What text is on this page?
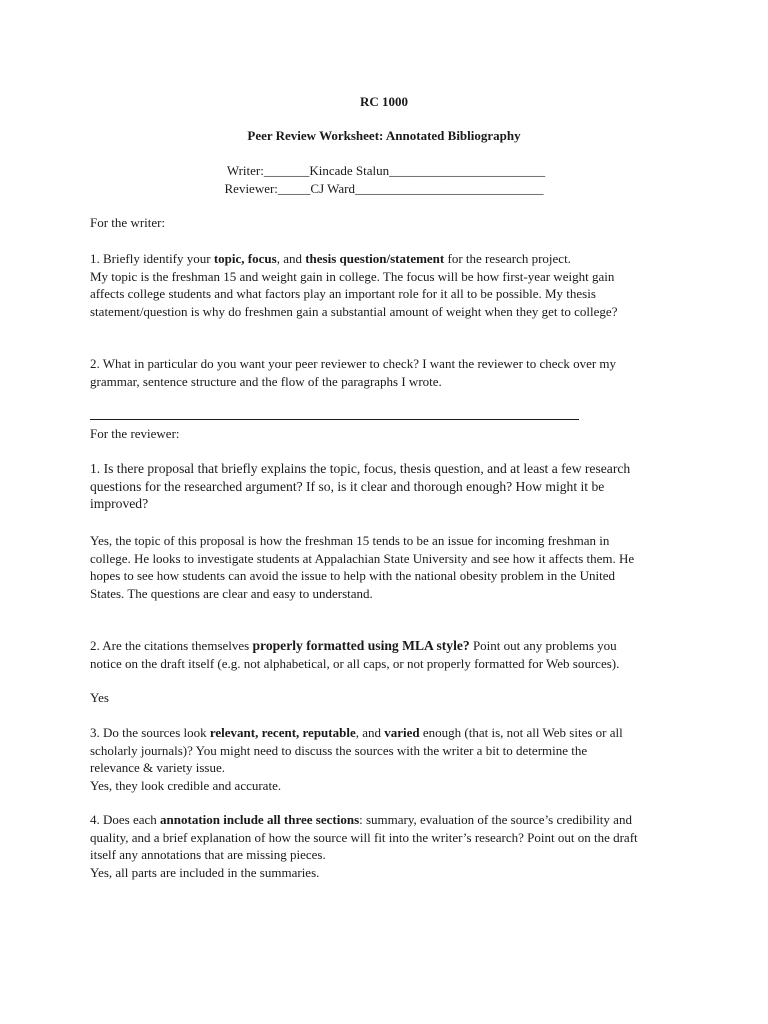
RC 1000
Peer Review Worksheet: Annotated Bibliography
Writer:_______Kincade Stalun________________________
Reviewer:_____CJ Ward_____________________________
For the writer:
1. Briefly identify your topic, focus, and thesis question/statement for the research project.
My topic is the freshman 15 and weight gain in college. The focus will be how first-year weight gain
affects college students and what factors play an important role for it all to be possible. My thesis
statement/question is why do freshmen gain a substantial amount of weight when they get to college?
2. What in particular do you want your peer reviewer to check? I want the reviewer to check over my
grammar, sentence structure and the flow of the paragraphs I wrote.
For the reviewer:
1. Is there proposal that briefly explains the topic, focus, thesis question, and at least a few research
questions for the researched argument? If so, is it clear and thorough enough? How might it be
improved?
Yes, the topic of this proposal is how the freshman 15 tends to be an issue for incoming freshman in
college. He looks to investigate students at Appalachian State University and see how it affects them. He
hopes to see how students can avoid the issue to help with the national obesity problem in the United
States. The questions are clear and easy to understand.
2. Are the citations themselves properly formatted using MLA style? Point out any problems you
notice on the draft itself (e.g. not alphabetical, or all caps, or not properly formatted for Web sources).
Yes
3. Do the sources look relevant, recent, reputable, and varied enough (that is, not all Web sites or all
scholarly journals)? You might need to discuss the sources with the writer a bit to determine the
relevance & variety issue.
Yes, they look credible and accurate.
4. Does each annotation include all three sections: summary, evaluation of the source’s credibility and
quality, and a brief explanation of how the source will fit into the writer’s research? Point out on the draft
itself any annotations that are missing pieces.
Yes, all parts are included in the summaries.
